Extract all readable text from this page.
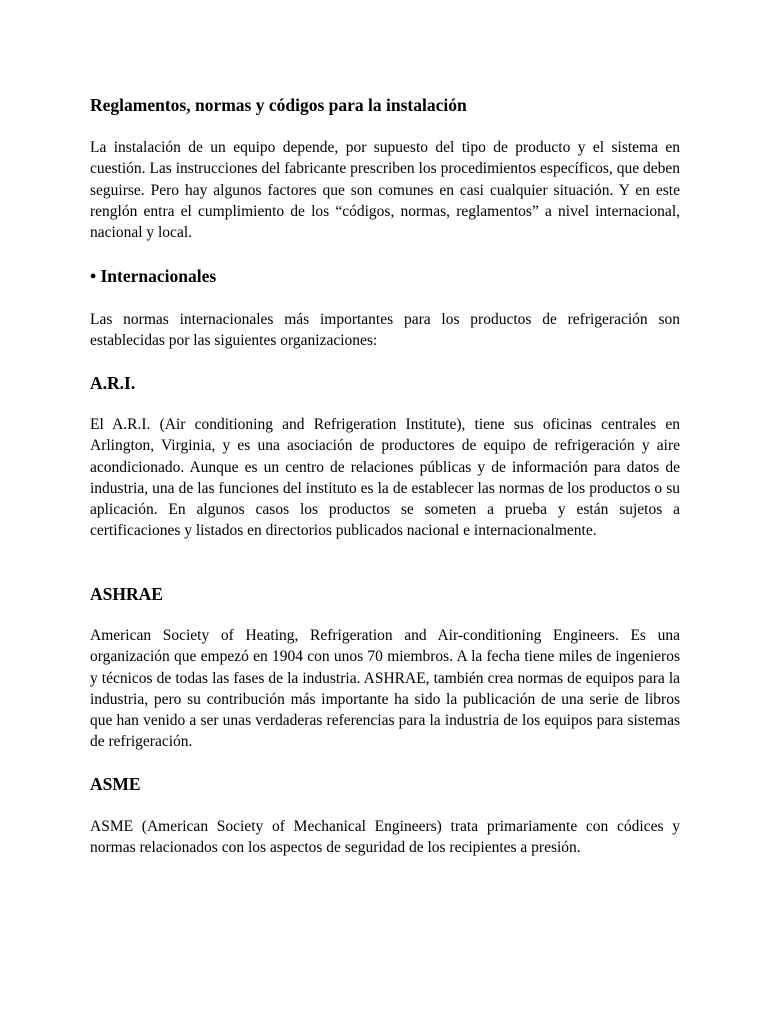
Reglamentos, normas y códigos para la instalación

La instalación de un equipo depende, por supuesto del tipo de producto y el sistema en cuestión. Las instrucciones del fabricante prescriben los procedimientos específicos, que deben seguirse. Pero hay algunos factores que son comunes en casi cualquier situación. Y en este renglón entra el cumplimiento de los “códigos, normas, reglamentos” a nivel internacional, nacional y local.

• Internacionales

Las normas internacionales más importantes para los productos de refrigeración son establecidas por las siguientes organizaciones:

A.R.I.

El A.R.I. (Air conditioning and Refrigeration Institute), tiene sus oficinas centrales en Arlington, Virginia, y es una asociación de productores de equipo de refrigeración y aire acondicionado. Aunque es un centro de relaciones públicas y de información para datos de industria, una de las funciones del instituto es la de establecer las normas de los productos o su aplicación. En algunos casos los productos se someten a prueba y están sujetos a certificaciones y listados en directorios publicados nacional e internacionalmente.

ASHRAE

American Society of Heating, Refrigeration and Air-conditioning Engineers. Es una organización que empezó en 1904 con unos 70 miembros. A la fecha tiene miles de ingenieros y técnicos de todas las fases de la industria. ASHRAE, también crea normas de equipos para la industria, pero su contribución más importante ha sido la publicación de una serie de libros que han venido a ser unas verdaderas referencias para la industria de los equipos para sistemas de refrigeración.

ASME

ASME (American Society of Mechanical Engineers) trata primariamente con códices y normas relacionados con los aspectos de seguridad de los recipientes a presión.
